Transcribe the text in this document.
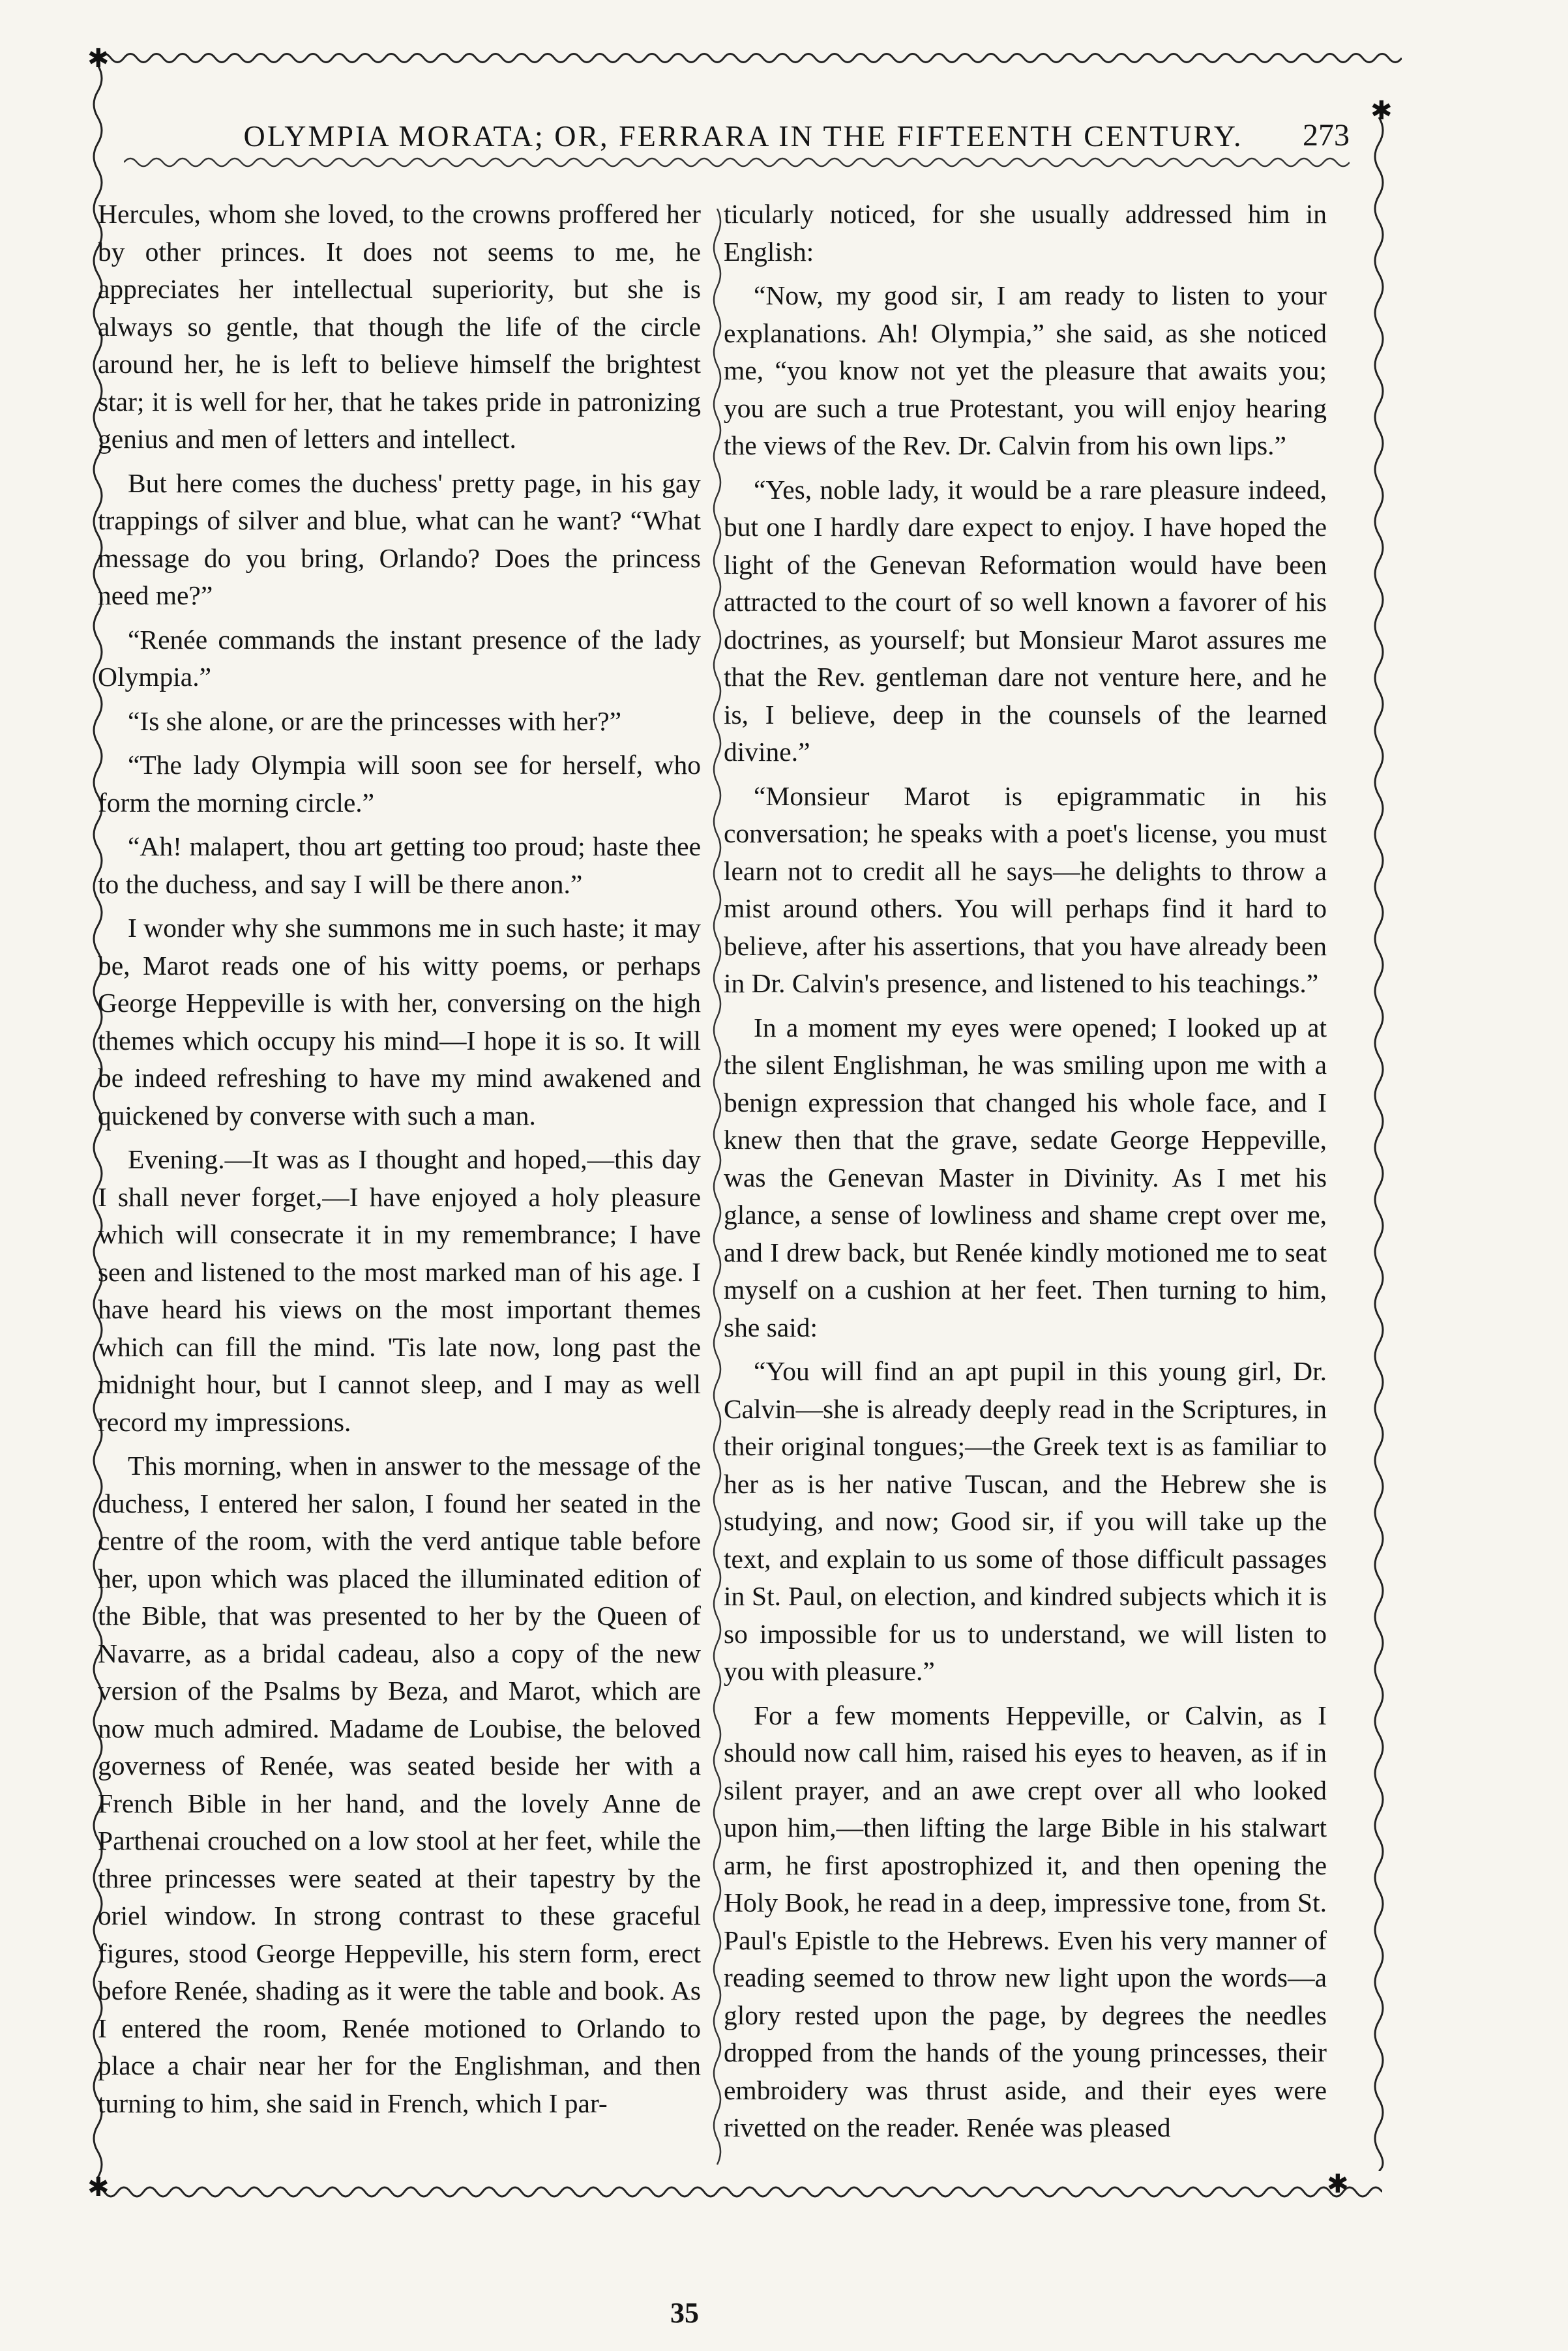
✱
✱
✱	✱
OLYMPIA MORATA; OR, FERRARA IN THE FIFTEENTH CENTURY.	273

Hercules, whom she loved, to the crowns proffered her by other princes. It does not seems to me, he appreciates her intellectual superiority, but she is always so gentle, that though the life of the circle around her, he is left to believe himself the brightest star; it is well for her, that he takes pride in patronizing genius and men of letters and intellect.

But here comes the duchess' pretty page, in his gay trappings of silver and blue, what can he want? “What message do you bring, Orlando? Does the princess need me?”

“Renée commands the instant presence of the lady Olympia.”

“Is she alone, or are the princesses with her?”

“The lady Olympia will soon see for herself, who form the morning circle.”

“Ah! malapert, thou art getting too proud; haste thee to the duchess, and say I will be there anon.”

I wonder why she summons me in such haste; it may be, Marot reads one of his witty poems, or perhaps George Heppeville is with her, conversing on the high themes which occupy his mind—I hope it is so. It will be indeed refreshing to have my mind awakened and quickened by converse with such a man.

Evening.—It was as I thought and hoped,—this day I shall never forget,—I have enjoyed a holy pleasure which will consecrate it in my remembrance; I have seen and listened to the most marked man of his age. I have heard his views on the most important themes which can fill the mind. 'Tis late now, long past the midnight hour, but I cannot sleep, and I may as well record my impressions.

This morning, when in answer to the message of the duchess, I entered her salon, I found her seated in the centre of the room, with the verd antique table before her, upon which was placed the illuminated edition of the Bible, that was presented to her by the Queen of Navarre, as a bridal cadeau, also a copy of the new version of the Psalms by Beza, and Marot, which are now much admired. Madame de Loubise, the beloved governess of Renée, was seated beside her with a French Bible in her hand, and the lovely Anne de Parthenai crouched on a low stool at her feet, while the three princesses were seated at their tapestry by the oriel window. In strong contrast to these graceful figures, stood George Heppeville, his stern form, erect before Renée, shading as it were the table and book. As I entered the room, Renée motioned to Orlando to place a chair near her for the Englishman, and then turning to him, she said in French, which I par-

ticularly noticed, for she usually addressed him in English:

“Now, my good sir, I am ready to listen to your explanations. Ah! Olympia,” she said, as she noticed me, “you know not yet the pleasure that awaits you; you are such a true Protestant, you will enjoy hearing the views of the Rev. Dr. Calvin from his own lips.”

“Yes, noble lady, it would be a rare pleasure indeed, but one I hardly dare expect to enjoy. I have hoped the light of the Genevan Reformation would have been attracted to the court of so well known a favorer of his doctrines, as yourself; but Monsieur Marot assures me that the Rev. gentleman dare not venture here, and he is, I believe, deep in the counsels of the learned divine.”

“Monsieur Marot is epigrammatic in his conversation; he speaks with a poet's license, you must learn not to credit all he says—he delights to throw a mist around others. You will perhaps find it hard to believe, after his assertions, that you have already been in Dr. Calvin's presence, and listened to his teachings.”

In a moment my eyes were opened; I looked up at the silent Englishman, he was smiling upon me with a benign expression that changed his whole face, and I knew then that the grave, sedate George Heppeville, was the Genevan Master in Divinity. As I met his glance, a sense of lowliness and shame crept over me, and I drew back, but Renée kindly motioned me to seat myself on a cushion at her feet. Then turning to him, she said:

“You will find an apt pupil in this young girl, Dr. Calvin—she is already deeply read in the Scriptures, in their original tongues;—the Greek text is as familiar to her as is her native Tuscan, and the Hebrew she is studying, and now; Good sir, if you will take up the text, and explain to us some of those difficult passages in St. Paul, on election, and kindred subjects which it is so impossible for us to understand, we will listen to you with pleasure.”

For a few moments Heppeville, or Calvin, as I should now call him, raised his eyes to heaven, as if in silent prayer, and an awe crept over all who looked upon him,—then lifting the large Bible in his stalwart arm, he first apostrophized it, and then opening the Holy Book, he read in a deep, impressive tone, from St. Paul's Epistle to the Hebrews. Even his very manner of reading seemed to throw new light upon the words—a glory rested upon the page, by degrees the needles dropped from the hands of the young princesses, their embroidery was thrust aside, and their eyes were rivetted on the reader. Renée was pleased

35
